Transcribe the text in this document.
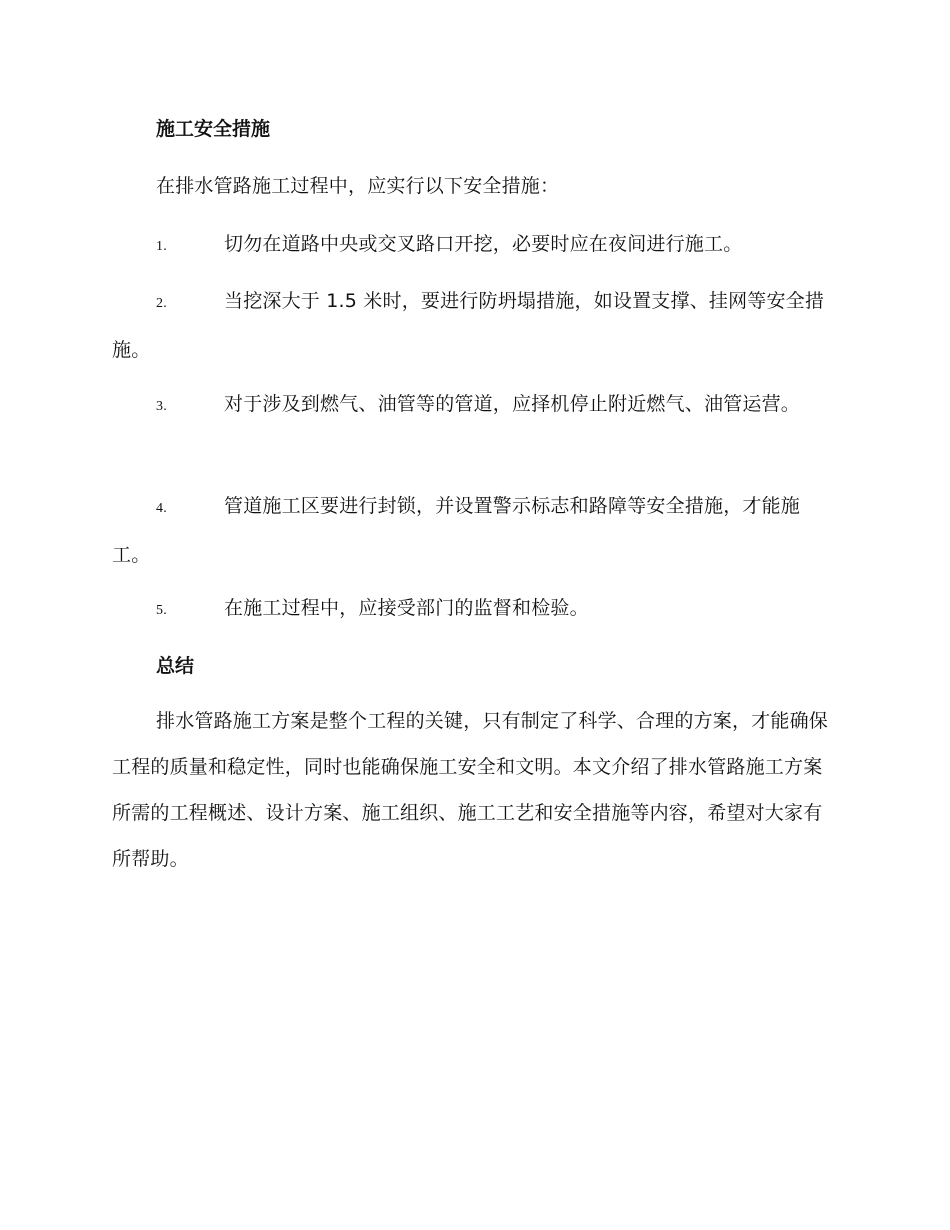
施工安全措施

在排水管路施工过程中，应实行以下安全措施：

1.	切勿在道路中央或交叉路口开挖，必要时应在夜间进行施工。

2.	当挖深大于 1.5 米时，要进行防坍塌措施，如设置支撑、挂网等安全措施。

3.	对于涉及到燃气、油管等的管道，应择机停止附近燃气、油管运营。

4.	管道施工区要进行封锁，并设置警示标志和路障等安全措施，才能施工。

5.	在施工过程中，应接受部门的监督和检验。

总结

排水管路施工方案是整个工程的关键，只有制定了科学、合理的方案，才能确保工程的质量和稳定性，同时也能确保施工安全和文明。本文介绍了排水管路施工方案所需的工程概述、设计方案、施工组织、施工工艺和安全措施等内容，希望对大家有所帮助。
